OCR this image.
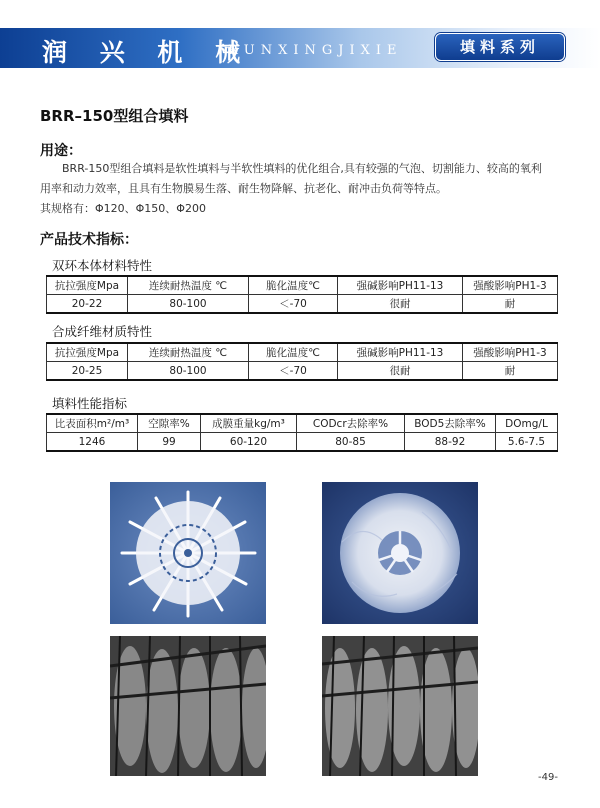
润 兴 机 械
RUNXINGJIXIE	填料系列
BRR–150型组合填料
用途：
BRR-150型组合填料是软性填料与半软性填料的优化组合,具有较强的气泡、切割能力、较高的氧利
用率和动力效率，且具有生物膜易生落、耐生物降解、抗老化、耐冲击负荷等特点。
其规格有：Φ120、Φ150、Φ200
产品技术指标：
双环本体材料特性
抗拉强度Mpa	连续耐热温度 ℃	脆化温度℃	强碱影响PH11-13	强酸影响PH1-3
20-22	80-100	＜-70	很耐	耐
合成纤维材质特性
抗拉强度Mpa	连续耐热温度 ℃	脆化温度℃	强碱影响PH11-13	强酸影响PH1-3
20-25	80-100	＜-70	很耐	耐
填料性能指标
比表面积m²/m³	空隙率%	成膜重量kg/m³	CODcr去除率%	BOD5去除率%	DOmg/L
1246	99	60-120	80-85	88-92	5.6-7.5
-49-
